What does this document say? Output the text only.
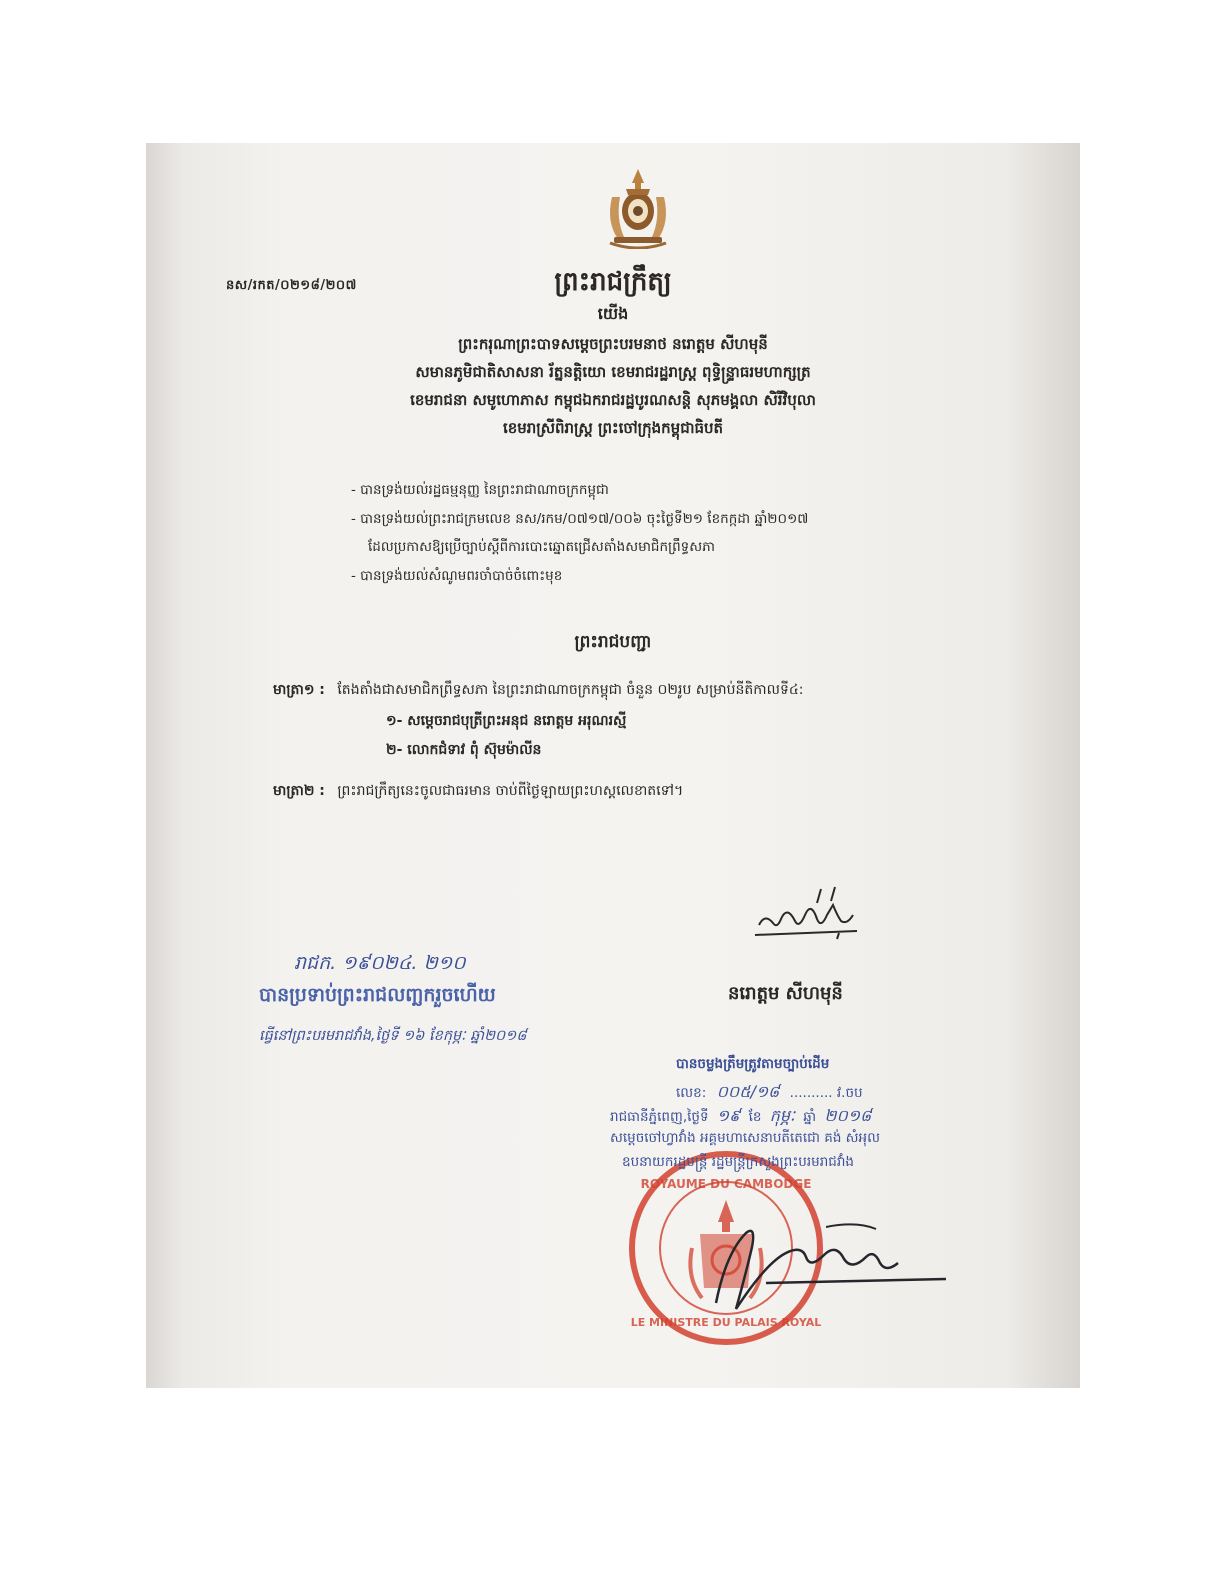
នស/រកត/០២១៨/២០៧	ព្រះរាជក្រឹត្យ
យើង
ព្រះករុណាព្រះបាទសម្តេចព្រះបរមនាថ នរោត្តម សីហមុនី
សមានភូមិជាតិសាសនា រ័ត្ននត្តិយោ ខេមរាជរដ្ឋរាស្ត្រ ពុទ្ធិន្ទ្រាធរមហាក្សត្រ
ខេមរាជនា សមូហោភាស កម្ពុជឯករាជរដ្ឋបូរណសន្តិ សុភមង្គលា សិរីវិបុលា
ខេមរាស្រីពិរាស្ត្រ ព្រះចៅក្រុងកម្ពុជាធិបតី
- បានទ្រង់យល់រដ្ឋធម្មនុញ្ញ នៃព្រះរាជាណាចក្រកម្ពុជា
- បានទ្រង់យល់ព្រះរាជក្រមលេខ នស/រកម/០៧១៧/០០៦ ចុះថ្ងៃទី២១ ខែកក្កដា ឆ្នាំ២០១៧
ដែលប្រកាសឱ្យប្រើច្បាប់ស្តីពីការបោះឆ្នោតជ្រើសតាំងសមាជិកព្រឹទ្ធសភា
- បានទ្រង់យល់សំណូមពរចាំបាច់ចំពោះមុខ
ព្រះរាជបញ្ជា
មាត្រា១ : តែងតាំងជាសមាជិកព្រឹទ្ធសភា នៃព្រះរាជាណាចក្រកម្ពុជា ចំនួន ០២រូប សម្រាប់នីតិកាលទី៤:
១- សម្តេចរាជបុត្រីព្រះអនុជ នរោត្តម អរុណរស្មី
២- លោកជំទាវ ពុំ ស៊ុមម៉ាលីន
មាត្រា២ : ព្រះរាជក្រឹត្យនេះចូលជាធរមាន ចាប់ពីថ្ងៃឡាយព្រះហស្តលេខាតទៅ។
នរោត្តម សីហមុនី
រាជក. ១៩០២៤. ២១០
បានប្រទាប់ព្រះរាជលញ្ឆករួចហើយ
ធ្វើនៅព្រះបរមរាជវាំង,ថ្ងៃទី ១៦ ខែកុម្ភៈ ឆ្នាំ២០១៨
ROYAUME DU CAMBODGE
LE MINISTRE DU PALAIS ROYAL
បានចម្លងត្រឹមត្រូវតាមច្បាប់ដើម
លេខ: ០០៥/១៨ .......... វ.ចប
រាជធានីភ្នំពេញ,ថ្ងៃទី ១៩ ខែ កុម្ភៈ ឆ្នាំ ២០១៨
សម្តេចចៅហ្វាវាំង អគ្គមហាសេនាបតីតេជោ គង់ សំអុល
ឧបនាយករដ្ឋមន្ត្រី រដ្ឋមន្ត្រីក្រសួងព្រះបរមរាជវាំង
